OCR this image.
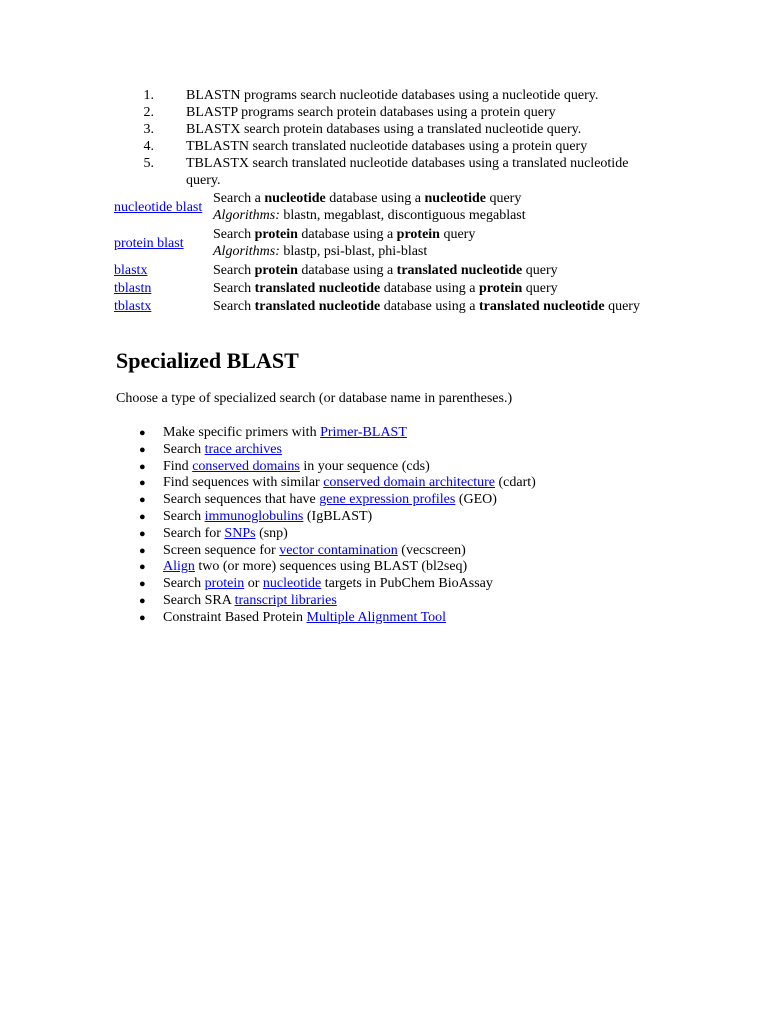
1. BLASTN programs search nucleotide databases using a nucleotide query.
2. BLASTP programs search protein databases using a protein query
3. BLASTX search protein databases using a translated nucleotide query.
4. TBLASTN search translated nucleotide databases using a protein query
5. TBLASTX search translated nucleotide databases using a translated nucleotide query.
nucleotide blast	Search a nucleotide database using a nucleotide query
Algorithms: blastn, megablast, discontiguous megablast
protein blast	Search protein database using a protein query
Algorithms: blastp, psi-blast, phi-blast
blastx	Search protein database using a translated nucleotide query
tblastn	Search translated nucleotide database using a protein query
tblastx	Search translated nucleotide database using a translated nucleotide query
Specialized BLAST

Choose a type of specialized search (or database name in parentheses.)

● Make specific primers with Primer-BLAST
● Search trace archives
● Find conserved domains in your sequence (cds)
● Find sequences with similar conserved domain architecture (cdart)
● Search sequences that have gene expression profiles (GEO)
● Search immunoglobulins (IgBLAST)
● Search for SNPs (snp)
● Screen sequence for vector contamination (vecscreen)
● Align two (or more) sequences using BLAST (bl2seq)
● Search protein or nucleotide targets in PubChem BioAssay
● Search SRA transcript libraries
● Constraint Based Protein Multiple Alignment Tool
